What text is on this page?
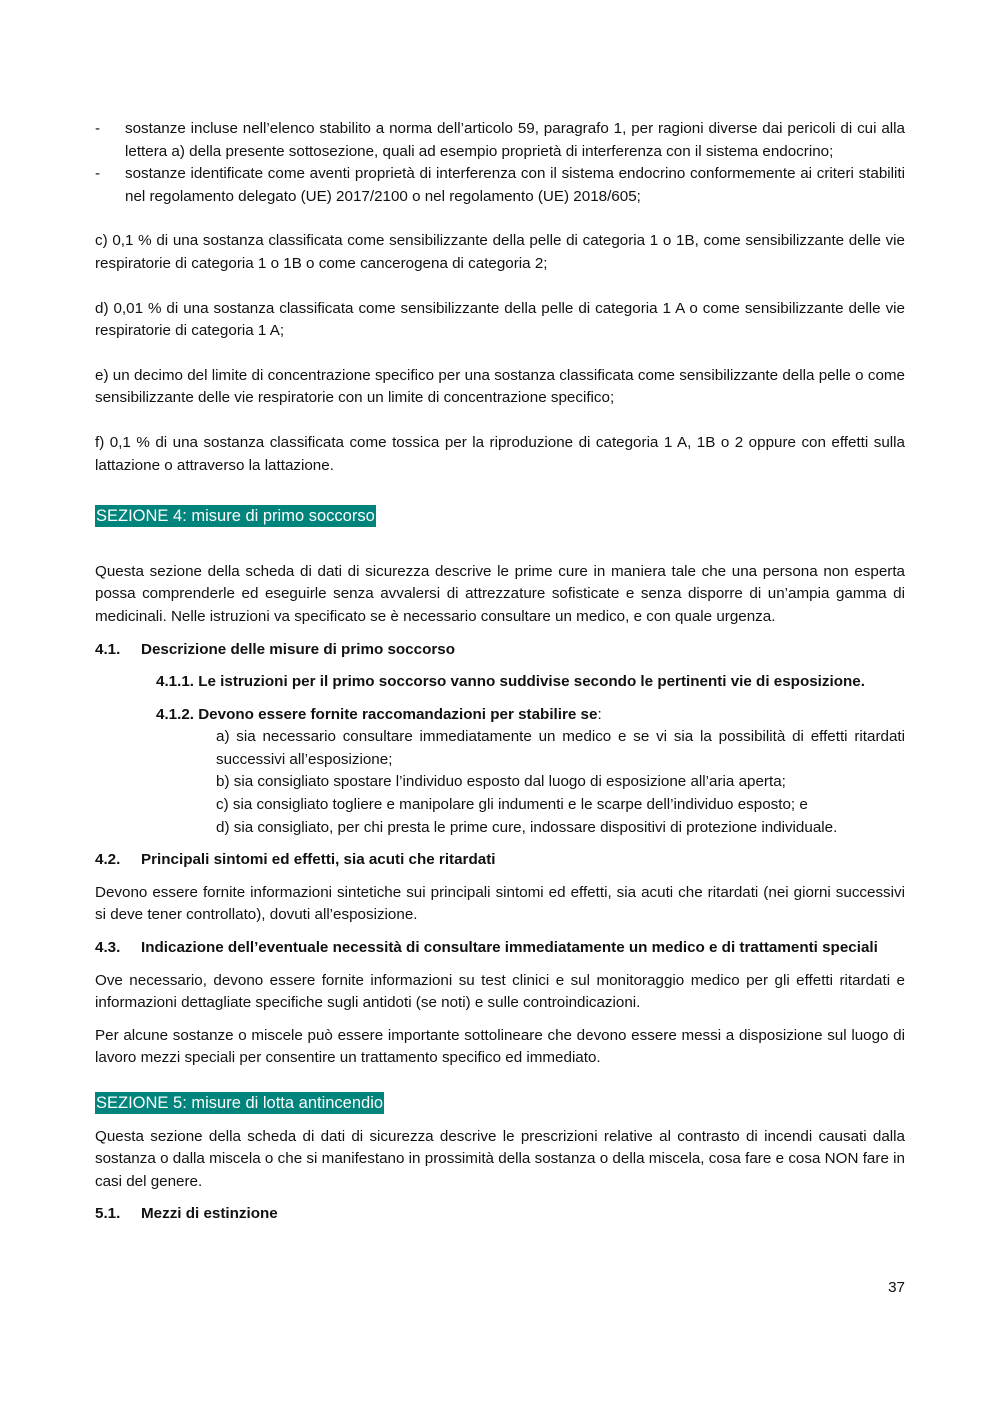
-	sostanze incluse nell’elenco stabilito a norma dell’articolo 59, paragrafo 1, per ragioni diverse dai pericoli di cui alla lettera a) della presente sottosezione, quali ad esempio proprietà di interferenza con il sistema endocrino;
-	sostanze identificate come aventi proprietà di interferenza con il sistema endocrino conformemente ai criteri stabiliti nel regolamento delegato (UE) 2017/2100 o nel regolamento (UE) 2018/605;

c) 0,1 % di una sostanza classificata come sensibilizzante della pelle di categoria 1 o 1B, come sensibilizzante delle vie respiratorie di categoria 1 o 1B o come cancerogena di categoria 2;

d) 0,01 % di una sostanza classificata come sensibilizzante della pelle di categoria 1 A o come sensibilizzante delle vie respiratorie di categoria 1 A;

e) un decimo del limite di concentrazione specifico per una sostanza classificata come sensibilizzante della pelle o come sensibilizzante delle vie respiratorie con un limite di concentrazione specifico;

f) 0,1 % di una sostanza classificata come tossica per la riproduzione di categoria 1 A, 1B o 2 oppure con effetti sulla lattazione o attraverso la lattazione.

SEZIONE 4: misure di primo soccorso

Questa sezione della scheda di dati di sicurezza descrive le prime cure in maniera tale che una persona non esperta possa comprenderle ed eseguirle senza avvalersi di attrezzature sofisticate e senza disporre di un’ampia gamma di medicinali. Nelle istruzioni va specificato se è necessario consultare un medico, e con quale urgenza.

4.1.	Descrizione delle misure di primo soccorso
4.1.1. Le istruzioni per il primo soccorso vanno suddivise secondo le pertinenti vie di esposizione.
4.1.2. Devono essere fornite raccomandazioni per stabilire se:

a) sia necessario consultare immediatamente un medico e se vi sia la possibilità di effetti ritardati successivi all’esposizione;

b) sia consigliato spostare l’individuo esposto dal luogo di esposizione all’aria aperta;

c) sia consigliato togliere e manipolare gli indumenti e le scarpe dell’individuo esposto; e

d) sia consigliato, per chi presta le prime cure, indossare dispositivi di protezione individuale.

4.2.	Principali sintomi ed effetti, sia acuti che ritardati

Devono essere fornite informazioni sintetiche sui principali sintomi ed effetti, sia acuti che ritardati (nei giorni successivi si deve tener controllato), dovuti all’esposizione.

4.3. Indicazione dell’eventuale necessità di consultare immediatamente un medico e di trattamenti speciali

Ove necessario, devono essere fornite informazioni su test clinici e sul monitoraggio medico per gli effetti ritardati e informazioni dettagliate specifiche sugli antidoti (se noti) e sulle controindicazioni.

Per alcune sostanze o miscele può essere importante sottolineare che devono essere messi a disposizione sul luogo di lavoro mezzi speciali per consentire un trattamento specifico ed immediato.

SEZIONE 5: misure di lotta antincendio

Questa sezione della scheda di dati di sicurezza descrive le prescrizioni relative al contrasto di incendi causati dalla sostanza o dalla miscela o che si manifestano in prossimità della sostanza o della miscela, cosa fare e cosa NON fare in casi del genere.

5.1.	Mezzi di estinzione
37
